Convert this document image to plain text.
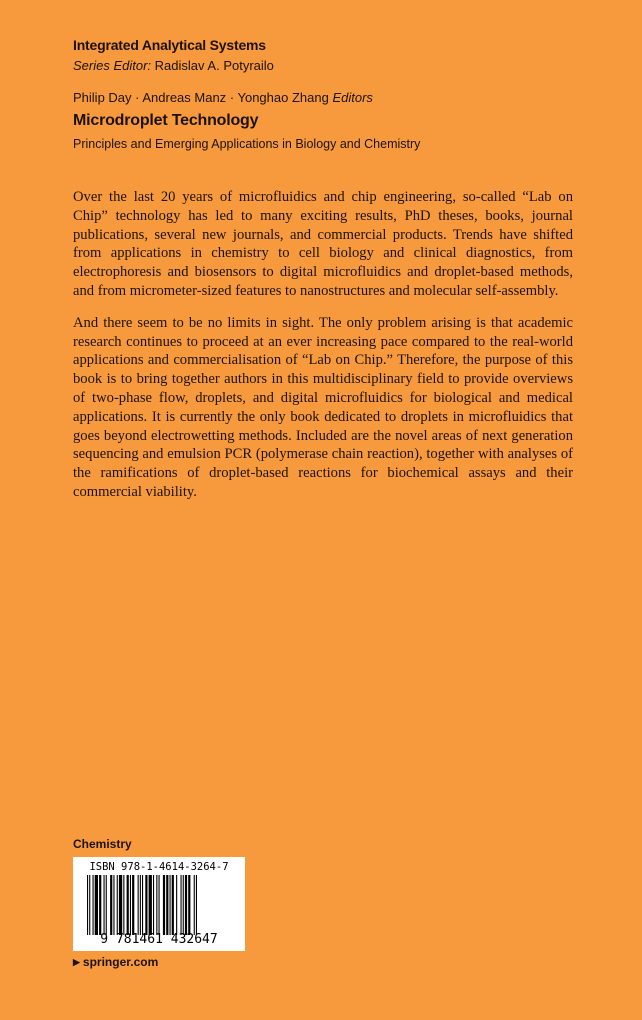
Integrated Analytical Systems
Series Editor: Radislav A. Potyrailo
Philip Day · Andreas Manz · Yonghao Zhang Editors
Microdroplet Technology
Principles and Emerging Applications in Biology and Chemistry

Over the last 20 years of microfluidics and chip engineering, so-called “Lab on Chip” technology has led to many exciting results, PhD theses, books, journal publications, several new journals, and commercial products. Trends have shifted from applications in chemistry to cell biology and clinical diagnostics, from electrophoresis and biosensors to digital microfluidics and droplet-based methods, and from micrometer-sized features to nanostructures and molecular self-assembly.

And there seem to be no limits in sight. The only problem arising is that academic research continues to proceed at an ever increasing pace compared to the real-world applications and commercialisation of “Lab on Chip.” Therefore, the purpose of this book is to bring together authors in this multidisciplinary field to provide overviews of two-phase flow, droplets, and digital microfluidics for biological and medical applications. It is currently the only book dedicated to droplets in microfluidics that goes beyond electrowetting methods. Included are the novel areas of next generation sequencing and emulsion PCR (polymerase chain reaction), together with analyses of the ramifications of droplet-based reactions for biochemical assays and their commercial viability.

Chemistry
ISBN 978-1-4614-3264-7
9 781461 432647
▶ springer.com
